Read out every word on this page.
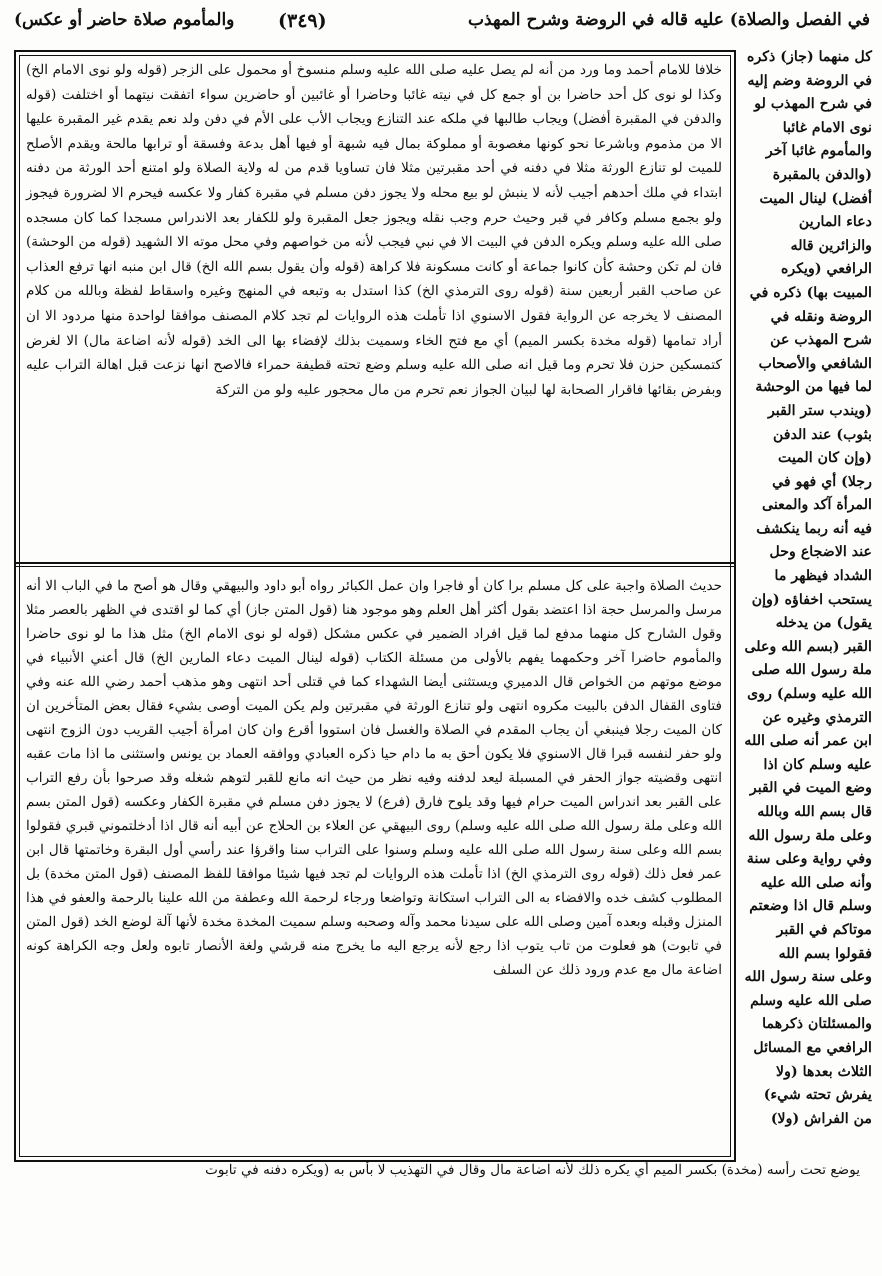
في الفصل والصلاة) عليه قاله في الروضة وشرح المهذب
(٣٤٩)
والمأموم صلاة حاضر أو عكس)

خلافا للامام أحمد وما ورد من أنه لم يصل عليه صلى الله عليه وسلم منسوخ أو محمول على الزجر (قوله ولو نوى الامام الخ) وكذا لو نوى كل أحد حاضرا بن أو جمع كل في نيته غائبا وحاضرا أو غائبين أو حاضرين سواء اتفقت نيتهما أو اختلفت (قوله والدفن في المقبرة أفضل) ويجاب طالبها في ملكه عند التنازع ويجاب الأب على الأم في دفن ولد نعم يقدم غير المقبرة عليها الا من مذموم وباشرعا نحو كونها مغصوبة أو مملوكة بمال فيه شبهة أو فيها أهل بدعة وفسقة أو ترابها مالحة ويقدم الأصلح للميت لو تنازع الورثة مثلا في دفنه في أحد مقبرتين مثلا فان تساويا قدم من له ولاية الصلاة ولو امتنع أحد الورثة من دفنه ابتداء في ملك أحدهم أجيب لأنه لا ينبش لو بيع محله ولا يجوز دفن مسلم في مقبرة كفار ولا عكسه فيحرم الا لضرورة فيجوز ولو بجمع مسلم وكافر في قبر وحيث حرم وجب نقله ويجوز جعل المقبرة ولو للكفار بعد الاندراس مسجدا كما كان مسجده صلى الله عليه وسلم ويكره الدفن في البيت الا في نبي فيجب لأنه من خواصهم وفي محل موته الا الشهيد (قوله من الوحشة) فان لم تكن وحشة كأن كانوا جماعة أو كانت مسكونة فلا كراهة (قوله وأن يقول بسم الله الخ) قال ابن منبه انها ترفع العذاب عن صاحب القبر أربعين سنة (قوله روى الترمذي الخ) كذا استدل به وتبعه في المنهج وغيره واسقاط لفظة وبالله من كلام المصنف لا يخرجه عن الرواية فقول الاسنوي اذا تأملت هذه الروايات لم تجد كلام المصنف موافقا لواحدة منها مردود الا ان أراد تمامها (قوله مخدة بكسر الميم) أي مع فتح الخاء وسميت بذلك لإفضاء بها الى الخد (قوله لأنه اضاعة مال) الا لغرض كتمسكين حزن فلا تحرم وما قيل انه صلى الله عليه وسلم وضع تحته قطيفة حمراء فالاصح انها نزعت قبل اهالة التراب عليه وبفرض بقائها فاقرار الصحابة لها لبيان الجواز نعم تحرم من مال محجور عليه ولو من التركة

حديث الصلاة واجبة على كل مسلم برا كان أو فاجرا وان عمل الكبائر رواه أبو داود والبيهقي وقال هو أصح ما في الباب الا أنه مرسل والمرسل حجة اذا اعتضد بقول أكثر أهل العلم وهو موجود هنا (قول المتن جاز) أي كما لو اقتدى في الظهر بالعصر مثلا وقول الشارح كل منهما مدفع لما قيل افراد الضمير في عكس مشكل (قوله لو نوى الامام الخ) مثل هذا ما لو نوى حاضرا والمأموم حاضرا آخر وحكمهما يفهم بالأولى من مسئلة الكتاب (قوله لينال الميت دعاء المارين الخ) قال أعني الأنبياء في موضع موتهم من الخواص قال الدميري ويستثنى أيضا الشهداء كما في قتلى أحد انتهى وهو مذهب أحمد رضي الله عنه وفي فتاوى القفال الدفن بالبيت مكروه انتهى ولو تنازع الورثة في مقبرتين ولم يكن الميت أوصى بشيء فقال بعض المتأخرين ان كان الميت رجلا فينبغي أن يجاب المقدم في الصلاة والغسل فان استووا أقرع وان كان امرأة أجيب القريب دون الزوج انتهى ولو حفر لنفسه قبرا قال الاسنوي فلا يكون أحق به ما دام حيا ذكره العبادي ووافقه العماد بن يونس واستثنى ما اذا مات عقبه انتهى وقضيته جواز الحفر في المسبلة ليعد لدفنه وفيه نظر من حيث انه مانع للقبر لتوهم شغله وقد صرحوا بأن رفع التراب على القبر بعد اندراس الميت حرام فيها وقد يلوح فارق (فرع) لا يجوز دفن مسلم في مقبرة الكفار وعكسه (قول المتن بسم الله وعلى ملة رسول الله صلى الله عليه وسلم) روى البيهقي عن العلاء بن الحلاج عن أبيه أنه قال اذا أدخلتموني قبري فقولوا بسم الله وعلى سنة رسول الله صلى الله عليه وسلم وسنوا على التراب سنا واقرؤا عند رأسي أول البقرة وخاتمتها قال ابن عمر فعل ذلك (قوله روى الترمذي الخ) اذا تأملت هذه الروايات لم تجد فيها شيئا موافقا للفظ المصنف (قول المتن مخدة) بل المطلوب كشف خده والافضاء به الى التراب استكانة وتواضعا ورجاء لرحمة الله وعطفة من الله علينا بالرحمة والعفو في هذا المنزل وقبله وبعده آمين وصلى الله على سيدنا محمد وآله وصحبه وسلم سميت المخدة مخدة لأنها آلة لوضع الخد (قول المتن في تابوت) هو فعلوت من تاب يتوب اذا رجع لأنه يرجع اليه ما يخرج منه قرشي ولغة الأنصار تابوه ولعل وجه الكراهة كونه اضاعة مال مع عدم ورود ذلك عن السلف

كل منهما (جاز) ذكره في الروضة وضم إليه في شرح المهذب لو نوى الامام غائبا والمأموم غائبا آخر (والدفن بالمقبرة أفضل) لينال الميت دعاء المارين والزائرين قاله الرافعي (ويكره المبيت بها) ذكره في الروضة ونقله في شرح المهذب عن الشافعي والأصحاب لما فيها من الوحشة (ويندب ستر القبر بثوب) عند الدفن (وإن كان الميت رجلا) أي فهو في المرأة آكد والمعنى فيه أنه ربما ينكشف عند الاضجاع وحل الشداد فيظهر ما يستحب اخفاؤه (وإن يقول) من يدخله القبر (بسم الله وعلى ملة رسول الله صلى الله عليه وسلم) روى الترمذي وغيره عن ابن عمر أنه صلى الله عليه وسلم كان اذا وضع الميت في القبر قال بسم الله وبالله وعلى ملة رسول الله وفي رواية وعلى سنة وأنه صلى الله عليه وسلم قال اذا وضعتم موتاكم في القبر فقولوا بسم الله وعلى سنة رسول الله صلى الله عليه وسلم والمسئلتان ذكرهما الرافعي مع المسائل الثلاث بعدها (ولا يفرش تحته شيء) من الفراش (ولا)

يوضع تحت رأسه (مخدة) بكسر الميم أي يكره ذلك لأنه اضاعة مال وقال في التهذيب لا بأس به (ويكره دفنه في تابوت
